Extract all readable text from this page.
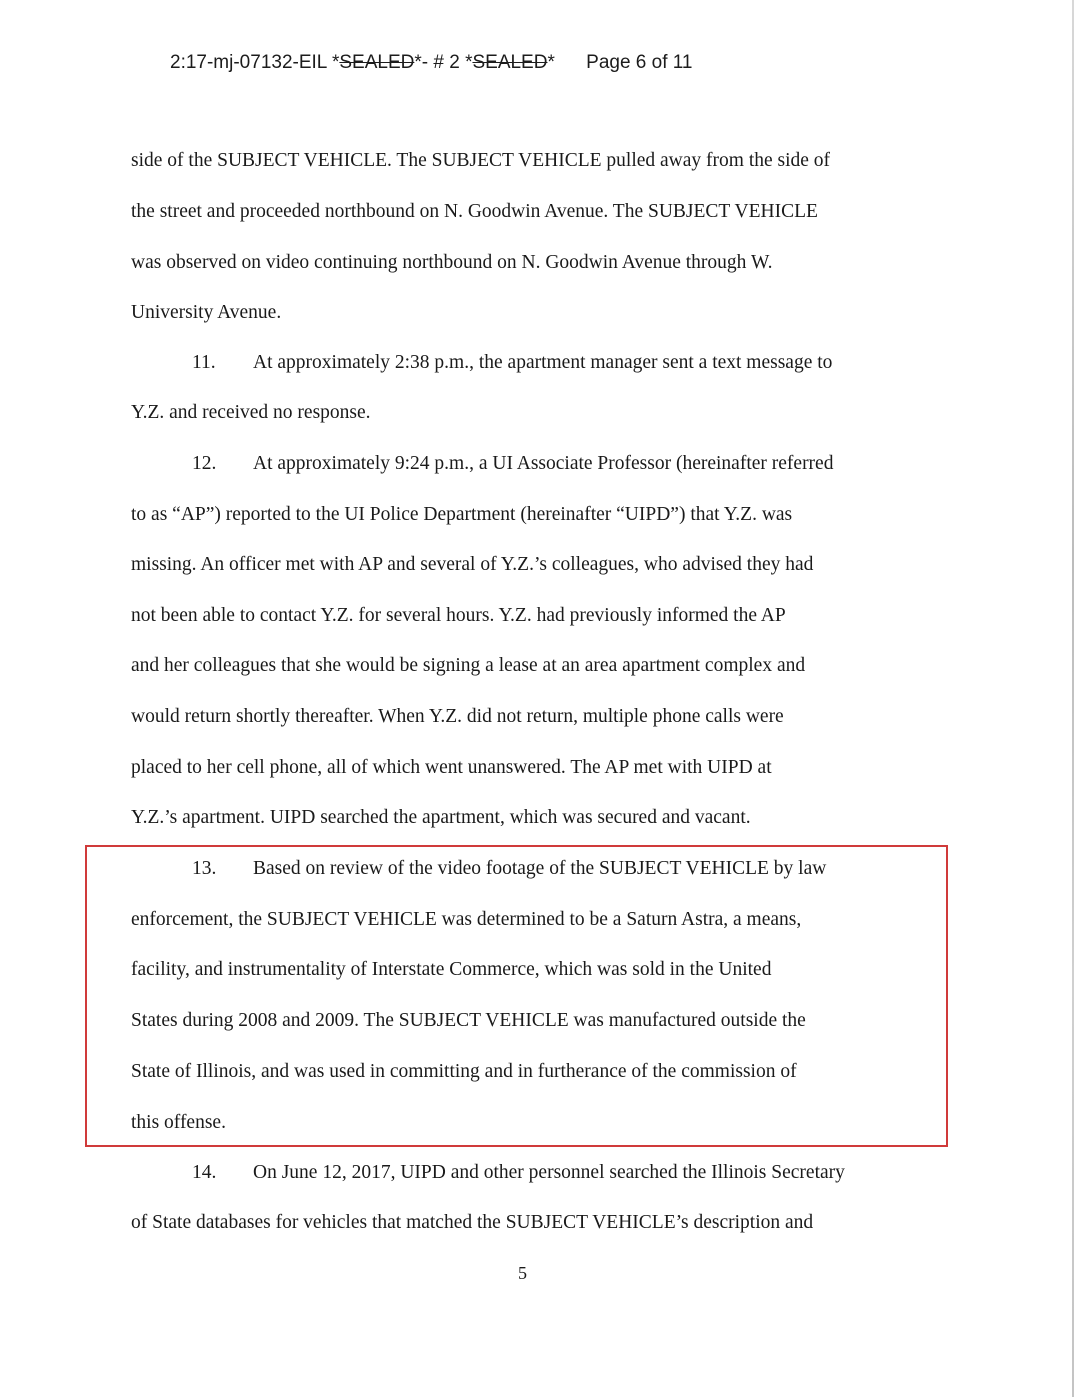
2:17-mj-07132-EIL *SEALED*- # 2 *SEALED* Page 6 of 11
side of the SUBJECT VEHICLE. The SUBJECT VEHICLE pulled away from the side of
the street and proceeded northbound on N. Goodwin Avenue. The SUBJECT VEHICLE
was observed on video continuing northbound on N. Goodwin Avenue through W.
University Avenue.
11. At approximately 2:38 p.m., the apartment manager sent a text message to
Y.Z. and received no response.
12. At approximately 9:24 p.m., a UI Associate Professor (hereinafter referred
to as “AP”) reported to the UI Police Department (hereinafter “UIPD”) that Y.Z. was
missing. An officer met with AP and several of Y.Z.’s colleagues, who advised they had
not been able to contact Y.Z. for several hours. Y.Z. had previously informed the AP
and her colleagues that she would be signing a lease at an area apartment complex and
would return shortly thereafter. When Y.Z. did not return, multiple phone calls were
placed to her cell phone, all of which went unanswered. The AP met with UIPD at
Y.Z.’s apartment. UIPD searched the apartment, which was secured and vacant.
13. Based on review of the video footage of the SUBJECT VEHICLE by law
enforcement, the SUBJECT VEHICLE was determined to be a Saturn Astra, a means,
facility, and instrumentality of Interstate Commerce, which was sold in the United
States during 2008 and 2009. The SUBJECT VEHICLE was manufactured outside the
State of Illinois, and was used in committing and in furtherance of the commission of
this offense.
14. On June 12, 2017, UIPD and other personnel searched the Illinois Secretary
of State databases for vehicles that matched the SUBJECT VEHICLE’s description and
5
